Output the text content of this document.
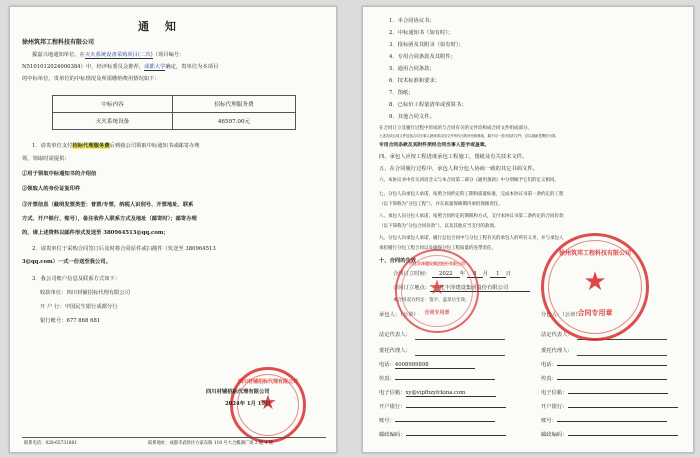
通 知
徐州筑邦工程科技有限公司
援嘉兴地通知单位，在灭火系统设备采购项目(二次)（项目编号：
N5101012024000384）中，经评标委员会推荐，成都大学确定，贵单位为本项目
的中标单位，贵单位的中标情况及所需缴纳费用情况如下：
中标内容	招标代理服务费
灭火系统设备	46597.00元
1．请贵单位支付招标代理服务费后到我公司领取中标通知书或邮寄办理
领，领取时需提供：
①用于领取中标通知书的介绍信
②领取人的身份证复印件
③开票信息（截明发票类型：普票/专票，纳税人识别号、开票地址、联系
方式、开户银行、账号），备注收件人联系方式及地址（邮寄时）；邮寄办理
的，请上述资料以邮件形式发送至 380964513@qq.com；
2．请贵单位于采购合同签订后及时将合同原件或扫描件（发送至 380964513
3@qq.com）一式一份送至我公司。
3．我公司账户信息及联系方式如下：
收款单位：四川材铺招标代理有限公司
开 户 行：中国民生银行成都分行
银行账号：677 868 681
★
四川材铺招标代理有限公司
四川材铺招标代理有限公司
2024年 1月 19日
联系电话：028-65731881	联系地址：成都市武侯区方家东路 118 号大合搬湖广场 2 幢 4 楼
1．本合同协议书；
2．中标通知书（如有时）；
3．投标函及其附录（如有时）；
4．专用合同条款及其附件；
5．通用合同条款；
6．技术标准和要求；
7．图纸；
8．已标价工程量清单或预算书；
9．其他合同文件。
在合同订立及履行过程中形成的与合同有关的文件均构成合同文件组成部分。
上述各项合同文件包括合同当事人就该项合同文件所作出的补充和修改，属于同一类内容的文件，应以最新签署的为准。
专用合同条款及其附件须经合同当事人签字或盖章。
四、承包人应按工程进度承包工程施工，图纸及有关技术文件。
五、在合同履行过程中，承包人和分包人协商一致的其它书面文件。
六、本协议书中有关词语含义与本合同第二部分《通用条款》中分别赋予它们的定义相同。
七、分包人向承包人承诺，按照合同约定的工期和质量标准，完成本协议书第一条约定的工程
（以下简称为“分包工程”），并在质量保修期内承担保修责任。
八、承包人向分包人承诺，按照合同约定的期限和方式，支付本协议书第二条约定的合同价款
（以下简称为“分包合同价款”），以及其他应当支付的款项。
九、分包人向承包人承诺，履行总包合同中与分包工程有关的承包人的所有义务，并与承包人
承担履行分包工程合同以及确保分包工程质量的连带责任。
十、合同的生效
合同订立时间： 2022 年 8 月 1 日
合同订立地点： 中化丰泽建设集团股份有限公司
本合同双方约定：签字、盖章后生效。
承包人：（公章）	分包人：（公章）
法定代表人：	法定代表人：
委托代理人：	委托代理人：
电话：4008989898	电话：
传真：	传真：
电子信箱：xy@vipfhzyfckina.com	电子信箱：
开户银行：	开户银行：
账号：	账号：
邮政编码：	邮政编码：
★
中化丰泽建设集团股份有限公司
合同专用章
★
徐州筑邦工程科技有限公司
合同专用章
